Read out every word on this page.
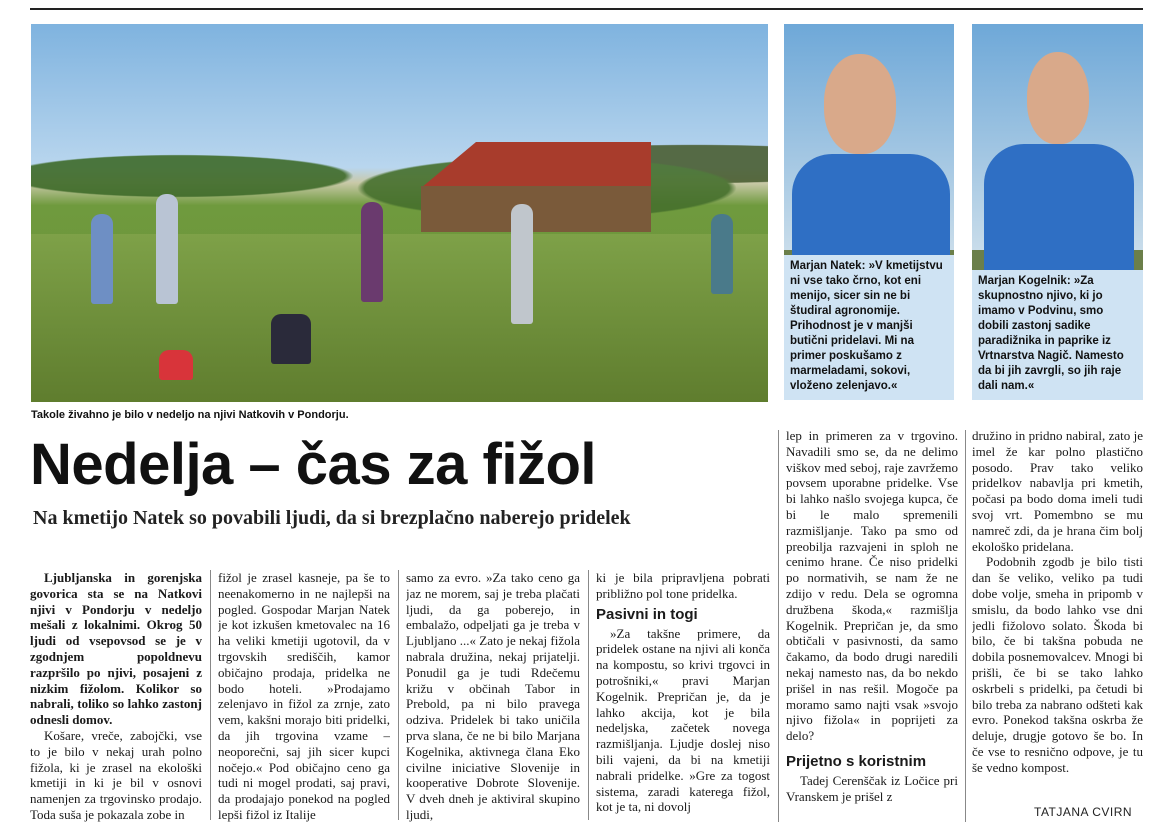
Marjan Natek: »V kmetijstvu ni vse tako črno, kot eni menijo, sicer sin ne bi študiral agronomije. Prihodnost je v manjši butični pridelavi. Mi na primer poskušamo z marmeladami, sokovi, vloženo zelenjavo.«
Marjan Kogelnik: »Za skupnostno njivo, ki jo imamo v Podvinu, smo dobili zastonj sadike paradižnika in paprike iz Vrtnarstva Nagič. Namesto da bi jih zavrgli, so jih raje dali nam.«
Takole živahno je bilo v nedeljo na njivi Natkovih v Pondorju.
Nedelja – čas za fižol
Na kmetijo Natek so povabili ljudi, da si brezplačno naberejo pridelek

Ljubljanska in gorenjska govorica sta se na Natkovi njivi v Pondorju v nedeljo mešali z lokalnimi. Okrog 50 ljudi od vsepovsod se je v zgodnjem popoldnevu razpršilo po njivi, posajeni z nizkim fižolom. Kolikor so nabrali, toliko so lahko zastonj odnesli domov.

Košare, vreče, zabojčki, vse to je bilo v nekaj urah polno fižola, ki je zrasel na ekološki kmetiji in ki je bil v osnovi namenjen za trgovinsko prodajo. Toda suša je pokazala zobe in

fižol je zrasel kasneje, pa še to neenakomerno in ne najlepši na pogled. Gospodar Marjan Natek je kot izkušen kmetovalec na 16 ha veliki kmetiji ugotovil, da v trgovskih središčih, kamor običajno prodaja, pridelka ne bodo hoteli. »Prodajamo zelenjavo in fižol za zrnje, zato vem, kakšni morajo biti pridelki, da jih trgovina vzame – neoporečni, saj jih sicer kupci nočejo.« Pod običajno ceno ga tudi ni mogel prodati, saj pravi, da prodajajo ponekod na pogled lepši fižol iz Italije

samo za evro. »Za tako ceno ga jaz ne morem, saj je treba plačati ljudi, da ga poberejo, in embalažo, odpeljati ga je treba v Ljubljano ...« Zato je nekaj fižola nabrala družina, nekaj prijatelji. Ponudil ga je tudi Rdečemu križu v občinah Tabor in Prebold, pa ni bilo pravega odziva. Pridelek bi tako uničila prva slana, če ne bi bilo Marjana Kogelnika, aktivnega člana Eko civilne iniciative Slovenije in kooperative Dobrote Slovenije. V dveh dneh je aktiviral skupino ljudi,

ki je bila pripravljena pobrati približno pol tone pridelka.

Pasivni in togi

»Za takšne primere, da pridelek ostane na njivi ali konča na kompostu, so krivi trgovci in potrošniki,« pravi Marjan Kogelnik. Prepričan je, da je lahko akcija, kot je bila nedeljska, začetek novega razmišljanja. Ljudje doslej niso bili vajeni, da bi na kmetiji nabrali pridelke. »Gre za togost sistema, zaradi katerega fižol, kot je ta, ni dovolj

lep in primeren za v trgovino. Navadili smo se, da ne delimo viškov med seboj, raje zavržemo povsem uporabne pridelke. Vse bi lahko našlo svojega kupca, če bi le malo spremenili razmišljanje. Tako pa smo od preobilja razvajeni in sploh ne cenimo hrane. Če niso pridelki po normativih, se nam že ne zdijo v redu. Dela se ogromna družbena škoda,« razmišlja Kogelnik. Prepričan je, da smo obtičali v pasivnosti, da samo čakamo, da bodo drugi naredili nekaj namesto nas, da bo nekdo prišel in nas rešil. Mogoče pa moramo samo najti vsak »svojo njivo fižola« in poprijeti za delo?

Prijetno s koristnim

Tadej Cerenščak iz Ločice pri Vranskem je prišel z

družino in pridno nabiral, zato je imel že kar polno plastično posodo. Prav tako veliko pridelkov nabavlja pri kmetih, počasi pa bodo doma imeli tudi svoj vrt. Pomembno se mu namreč zdi, da je hrana čim bolj ekološko pridelana.

Podobnih zgodb je bilo tisti dan še veliko, veliko pa tudi dobe volje, smeha in pripomb v smislu, da bodo lahko vse dni jedli fižolovo solato. Škoda bi bilo, če bi takšna pobuda ne dobila posnemovalcev. Mnogi bi prišli, če bi se tako lahko oskrbeli s pridelki, pa četudi bi bilo treba za nabrano odšteti kak evro. Ponekod takšna oskrba že deluje, drugje gotovo še bo. In če vse to resnično odpove, je tu še vedno kompost.

TATJANA CVIRN
